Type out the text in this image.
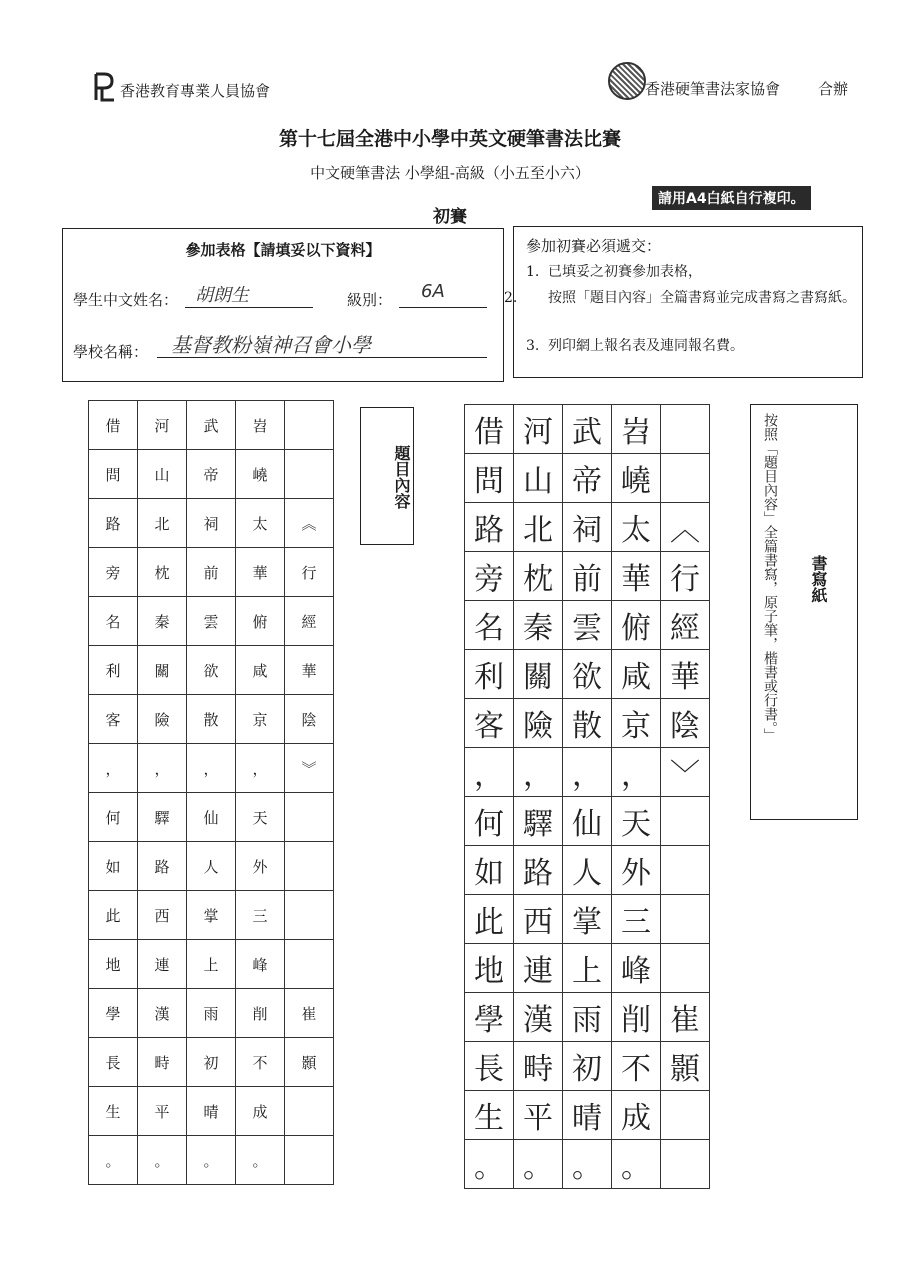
香港教育專業人員協會	香港硬筆書法家協會	合辦
第十七屆全港中小學中英文硬筆書法比賽
中文硬筆書法 小學組-高級（小五至小六）
請用A4白紙自行複印。
初賽
參加表格【請填妥以下資料】
學生中文姓名： 胡朗生	級別： 6A
學校名稱： 基督教粉嶺神召會小學
參加初賽必須遞交：
1. 已填妥之初賽參加表格，
2. 按照「題目內容」全篇書寫並完成書寫之書寫紙。
3. 列印網上報名表及連同報名費。
借	河	武	岧	
問	山	帝	嶢	
路	北	祠	太	︽
旁	枕	前	華	行
名	秦	雲	俯	經
利	關	欲	咸	華
客	險	散	京	陰
，	，	，	，	︾
何	驛	仙	天	
如	路	人	外	
此	西	掌	三	
地	連	上	峰	
學	漢	雨	削	崔
長	畤	初	不	顥
生	平	晴	成	
。	。	。	。	
題目內容
借	河	武	岧	
問	山	帝	嶢	
路	北	祠	太	︿
旁	枕	前	華	行
名	秦	雲	俯	經
利	關	欲	咸	華
客	險	散	京	陰
，	，	，	，	﹀
何	驛	仙	天	
如	路	人	外	
此	西	掌	三	
地	連	上	峰	
學	漢	雨	削	崔
長	畤	初	不	顥
生	平	晴	成	
。	。	。	。	
按照「題目內容」全篇書寫，原子筆，楷書或行書。」 書寫紙
